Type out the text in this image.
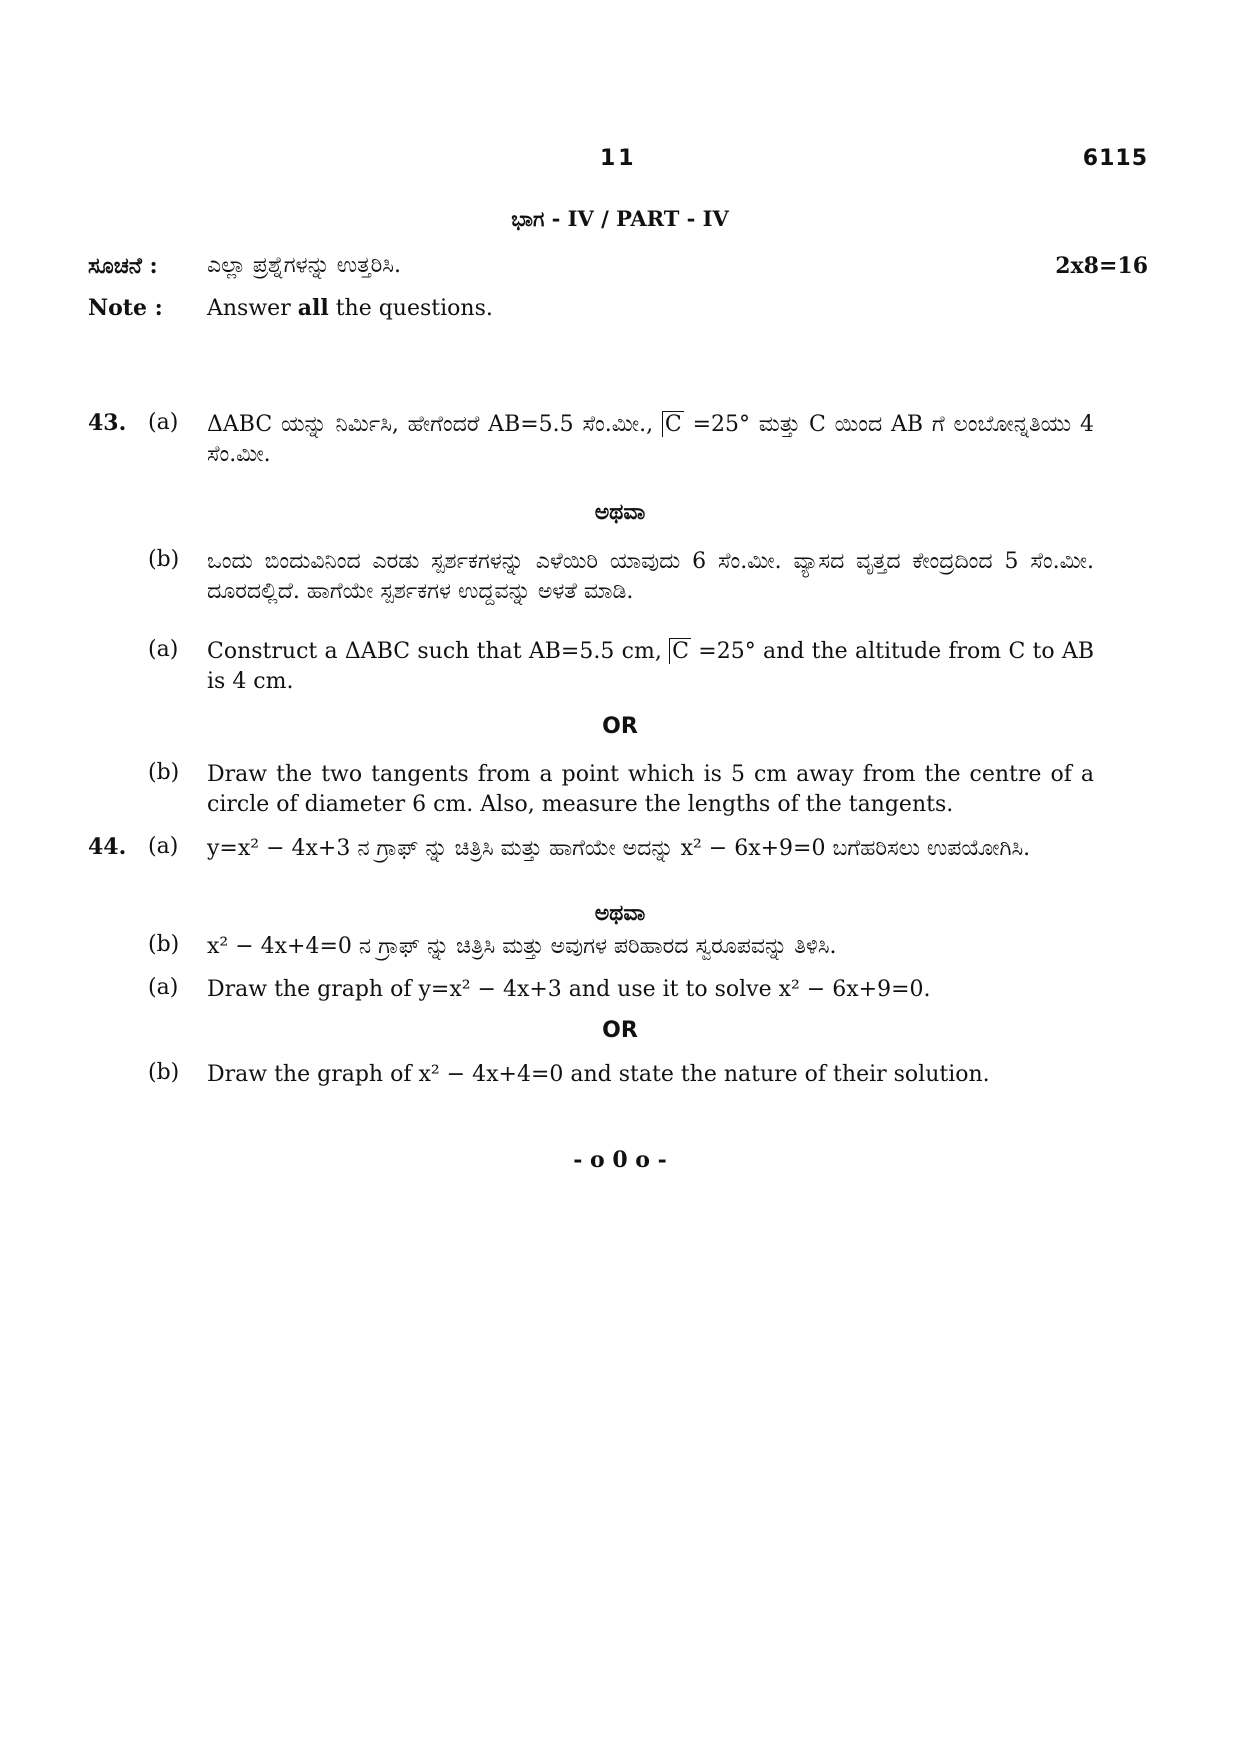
11	6115
ಭಾಗ - IV / PART - IV
ಸೂಚನೆ : ಎಲ್ಲಾ ಪ್ರಶ್ನೆಗಳನ್ನು ಉತ್ತರಿಸಿ.	2x8=16
Note : Answer all the questions.
43. (a) ΔABC ಯನ್ನು ನಿರ್ಮಿಸಿ, ಹೇಗೆಂದರೆ AB=5.5 ಸೆಂ.ಮೀ., C =25° ಮತ್ತು C ಯಿಂದ AB ಗೆ ಲಂಬೋನ್ನತಿಯು 4 ಸೆಂ.ಮೀ.
ಅಥವಾ
(b) ಒಂದು ಬಿಂದುವಿನಿಂದ ಎರಡು ಸ್ಪರ್ಶಕಗಳನ್ನು ಎಳೆಯಿರಿ ಯಾವುದು 6 ಸೆಂ.ಮೀ. ವ್ಯಾಸದ ವೃತ್ತದ ಕೇಂದ್ರದಿಂದ 5 ಸೆಂ.ಮೀ. ದೂರದಲ್ಲಿದೆ. ಹಾಗೆಯೇ ಸ್ಪರ್ಶಕಗಳ ಉದ್ದವನ್ನು ಅಳತೆ ಮಾಡಿ.
(a) Construct a ΔABC such that AB=5.5 cm, C =25° and the altitude from C to AB is 4 cm.
OR
(b) Draw the two tangents from a point which is 5 cm away from the centre of a circle of diameter 6 cm. Also, measure the lengths of the tangents.
44. (a) y=x² − 4x+3 ನ ಗ್ರಾಫ್ ನ್ನು ಚಿತ್ರಿಸಿ ಮತ್ತು ಹಾಗೆಯೇ ಅದನ್ನು x² − 6x+9=0 ಬಗೆಹರಿಸಲು ಉಪಯೋಗಿಸಿ.
ಅಥವಾ
(b) x² − 4x+4=0 ನ ಗ್ರಾಫ್ ನ್ನು ಚಿತ್ರಿಸಿ ಮತ್ತು ಅವುಗಳ ಪರಿಹಾರದ ಸ್ವರೂಪವನ್ನು ತಿಳಿಸಿ.
(a) Draw the graph of y=x² − 4x+3 and use it to solve x² − 6x+9=0.
OR
(b) Draw the graph of x² − 4x+4=0 and state the nature of their solution.
- o 0 o -
